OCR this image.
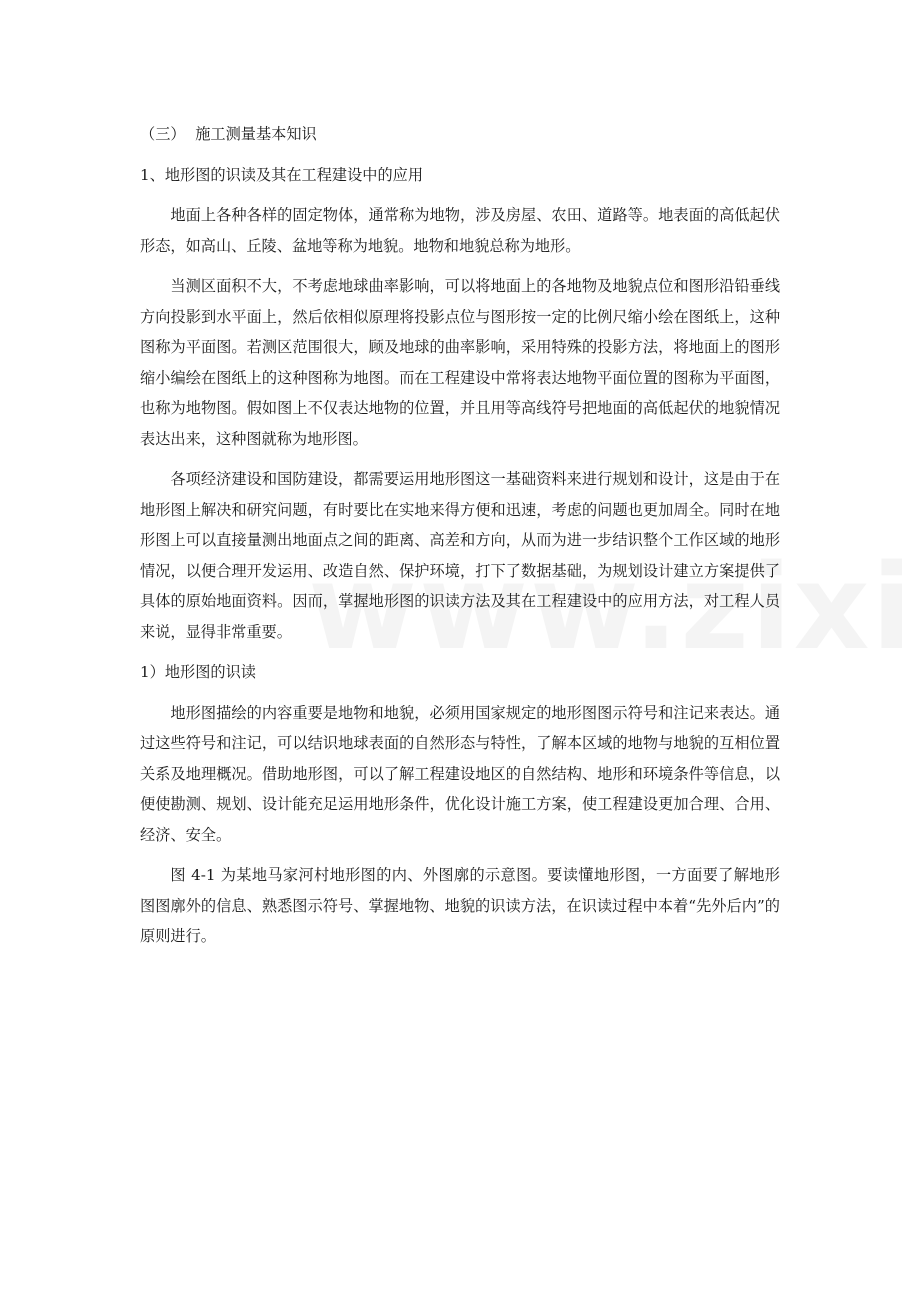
（三）  施工测量基本知识

1、地形图的识读及其在工程建设中的应用

地面上各种各样的固定物体，通常称为地物，涉及房屋、农田、道路等。地表面的高低起伏形态，如高山、丘陵、盆地等称为地貌。地物和地貌总称为地形。

当测区面积不大，不考虑地球曲率影响，可以将地面上的各地物及地貌点位和图形沿铅垂线方向投影到水平面上，然后依相似原理将投影点位与图形按一定的比例尺缩小绘在图纸上，这种图称为平面图。若测区范围很大，顾及地球的曲率影响，采用特殊的投影方法，将地面上的图形缩小编绘在图纸上的这种图称为地图。而在工程建设中常将表达地物平面位置的图称为平面图，也称为地物图。假如图上不仅表达地物的位置，并且用等高线符号把地面的高低起伏的地貌情况表达出来，这种图就称为地形图。

各项经济建设和国防建设，都需要运用地形图这一基础资料来进行规划和设计，这是由于在地形图上解决和研究问题，有时要比在实地来得方便和迅速，考虑的问题也更加周全。同时在地形图上可以直接量测出地面点之间的距离、高差和方向，从而为进一步结识整个工作区域的地形情况，以便合理开发运用、改造自然、保护环境，打下了数据基础，为规划设计建立方案提供了具体的原始地面资料。因而，掌握地形图的识读方法及其在工程建设中的应用方法，对工程人员来说，显得非常重要。

1）地形图的识读

地形图描绘的内容重要是地物和地貌，必须用国家规定的地形图图示符号和注记来表达。通过这些符号和注记，可以结识地球表面的自然形态与特性，了解本区域的地物与地貌的互相位置关系及地理概况。借助地形图，可以了解工程建设地区的自然结构、地形和环境条件等信息，以便使勘测、规划、设计能充足运用地形条件，优化设计施工方案，使工程建设更加合理、合用、经济、安全。

图 4-1 为某地马家河村地形图的内、外图廓的示意图。要读懂地形图，一方面要了解地形图图廓外的信息、熟悉图示符号、掌握地物、地貌的识读方法，在识读过程中本着“先外后内”的原则进行。
